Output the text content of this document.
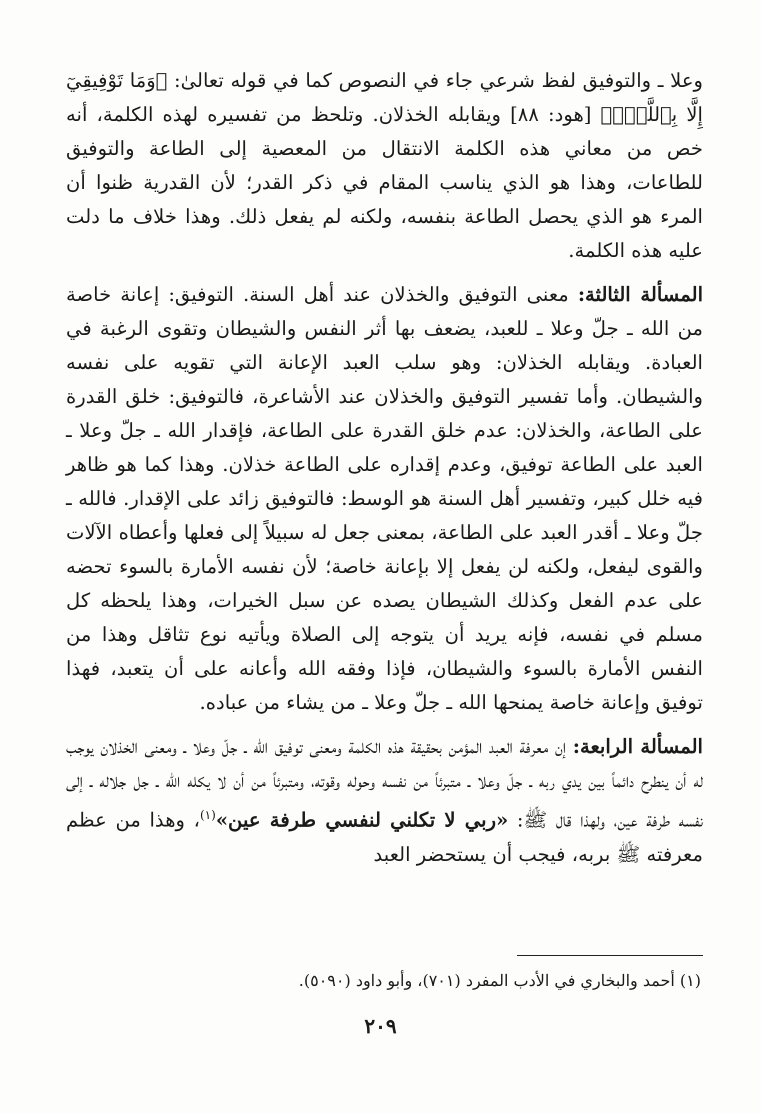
وعلا ـ والتوفيق لفظ شرعي جاء في النصوص كما في قوله تعالىٰ: ﴿وَمَا تَوْفِيقِيٓ إِلَّا بِٱللَّهِۚ﴾ [هود: ٨٨] ويقابله الخذلان. وتلحظ من تفسيره لهذه الكلمة، أنه خص من معاني هذه الكلمة الانتقال من المعصية إلى الطاعة والتوفيق للطاعات، وهذا هو الذي يناسب المقام في ذكر القدر؛ لأن القدرية ظنوا أن المرء هو الذي يحصل الطاعة بنفسه، ولكنه لم يفعل ذلك. وهذا خلاف ما دلت عليه هذه الكلمة.

المسألة الثالثة: معنى التوفيق والخذلان عند أهل السنة. التوفيق: إعانة خاصة من الله ـ جلّ وعلا ـ للعبد، يضعف بها أثر النفس والشيطان وتقوى الرغبة في العبادة. ويقابله الخذلان: وهو سلب العبد الإعانة التي تقويه على نفسه والشيطان. وأما تفسير التوفيق والخذلان عند الأشاعرة، فالتوفيق: خلق القدرة على الطاعة، والخذلان: عدم خلق القدرة على الطاعة، فإقدار الله ـ جلّ وعلا ـ العبد على الطاعة توفيق، وعدم إقداره على الطاعة خذلان. وهذا كما هو ظاهر فيه خلل كبير، وتفسير أهل السنة هو الوسط: فالتوفيق زائد على الإقدار. فالله ـ جلّ وعلا ـ أقدر العبد على الطاعة، بمعنى جعل له سبيلاً إلى فعلها وأعطاه الآلات والقوى ليفعل، ولكنه لن يفعل إلا بإعانة خاصة؛ لأن نفسه الأمارة بالسوء تحضه على عدم الفعل وكذلك الشيطان يصده عن سبل الخيرات، وهذا يلحظه كل مسلم في نفسه، فإنه يريد أن يتوجه إلى الصلاة ويأتيه نوع تثاقل وهذا من النفس الأمارة بالسوء والشيطان، فإذا وفقه الله وأعانه على أن يتعبد، فهذا توفيق وإعانة خاصة يمنحها الله ـ جلّ وعلا ـ من يشاء من عباده.

المسألة الرابعة: إن معرفة العبد المؤمن بحقيقة هذه الكلمة ومعنى توفيق الله ـ جلّ وعلا ـ ومعنى الخذلان يوجب له أن ينطرح دائماً بين يدي ربه ـ جلّ وعلا ـ متبرئاً من نفسه وحوله وقوته، ومتبرئاً من أن لا يكله الله ـ جل جلاله ـ إلى نفسه طرفة عين، ولهذا قال ﷺ: «ربي لا تكلني لنفسي طرفة عين»$^{(١)}$، وهذا من عظم معرفته ﷺ بربه، فيجب أن يستحضر العبد

(١) أحمد والبخاري في الأدب المفرد (٧٠١)، وأبو داود (٥٠٩٠).
٢٠٩
